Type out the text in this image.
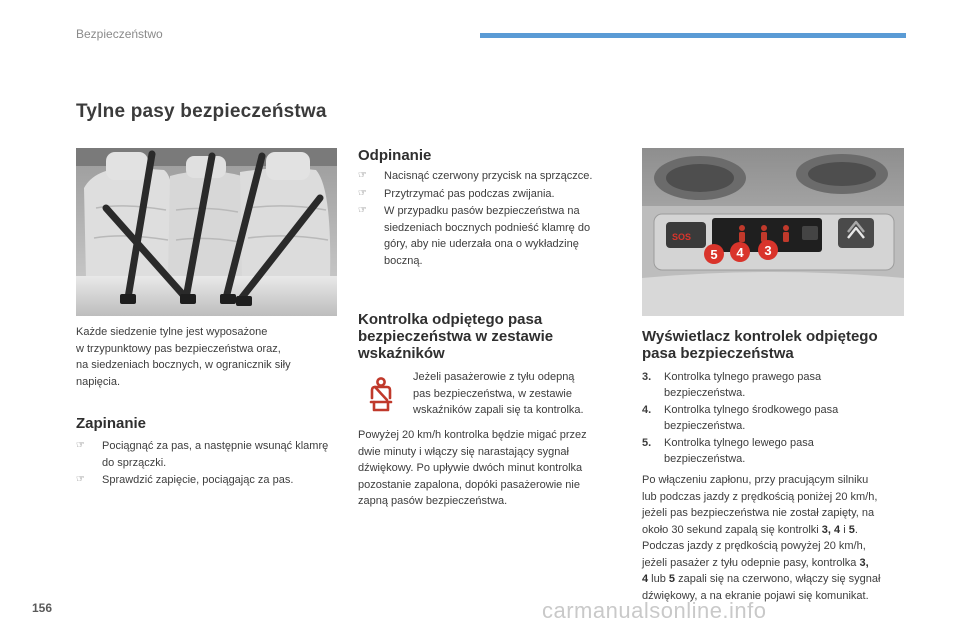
Bezpieczeństwo
Tylne pasy bezpieczeństwa
Każde siedzenie tylne jest wyposażone
w trzypunktowy pas bezpieczeństwa oraz,
na siedzeniach bocznych, w ogranicznik siły
napięcia.
Zapinanie
☞ Pociągnąć za pas, a następnie wsunąć klamrę do sprzączki.
☞ Sprawdzić zapięcie, pociągając za pas.
Odpinanie
☞ Nacisnąć czerwony przycisk na sprzączce.
☞ Przytrzymać pas podczas zwijania.
☞ W przypadku pasów bezpieczeństwa na siedzeniach bocznych podnieść klamrę do góry, aby nie uderzała ona o wykładzinę boczną.
Kontrolka odpiętego pasa
bezpieczeństwa w zestawie
wskaźników
Jeżeli pasażerowie z tyłu odepną
pas bezpieczeństwa, w zestawie
wskaźników zapali się ta kontrolka.
Powyżej 20 km/h kontrolka będzie migać przez
dwie minuty i włączy się narastający sygnał
dźwiękowy. Po upływie dwóch minut kontrolka
pozostanie zapalona, dopóki pasażerowie nie
zapną pasów bezpieczeństwa.
SOS
5 4 3
Wyświetlacz kontrolek odpiętego
pasa bezpieczeństwa
3. Kontrolka tylnego prawego pasa
bezpieczeństwa.
4. Kontrolka tylnego środkowego pasa
bezpieczeństwa.
5. Kontrolka tylnego lewego pasa
bezpieczeństwa.
Po włączeniu zapłonu, przy pracującym silniku
lub podczas jazdy z prędkością poniżej 20 km/h,
jeżeli pas bezpieczeństwa nie został zapięty, na
około 30 sekund zapalą się kontrolki 3, 4 i 5.
Podczas jazdy z prędkością powyżej 20 km/h,
jeżeli pasażer z tyłu odepnie pasy, kontrolka 3,
4 lub 5 zapali się na czerwono, włączy się sygnał
dźwiękowy, a na ekranie pojawi się komunikat.
156	carmanualsonline.info
